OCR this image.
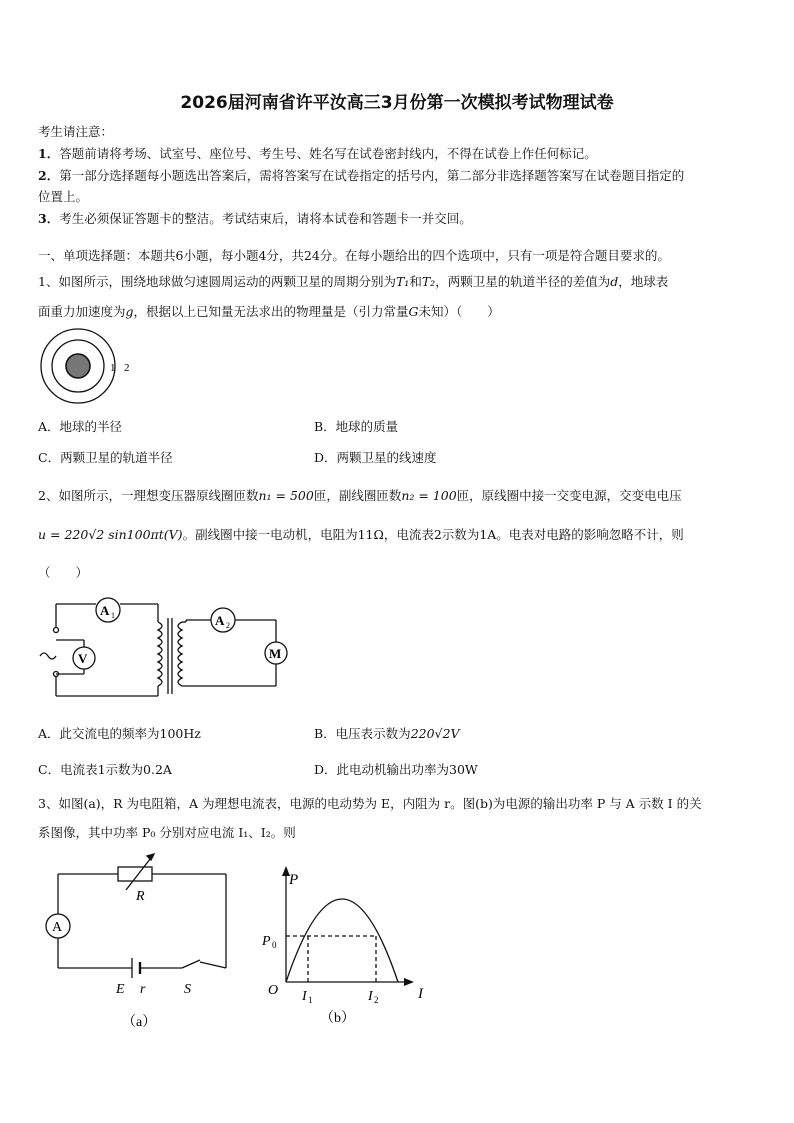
2026届河南省许平汝高三3月份第一次模拟考试物理试卷
考生请注意：
1．答题前请将考场、试室号、座位号、考生号、姓名写在试卷密封线内，不得在试卷上作任何标记。
2．第一部分选择题每小题选出答案后，需将答案写在试卷指定的括号内，第二部分非选择题答案写在试卷题目指定的
位置上。
3．考生必须保证答题卡的整洁。考试结束后，请将本试卷和答题卡一并交回。
一、单项选择题：本题共6小题，每小题4分，共24分。在每小题给出的四个选项中，只有一项是符合题目要求的。
1、如图所示，围绕地球做匀速圆周运动的两颗卫星的周期分别为T₁和T₂，两颗卫星的轨道半径的差值为d，地球表
面重力加速度为g，根据以上已知量无法求出的物理量是（引力常量G未知）（　　）
1 2
A．地球的半径	B．地球的质量
C．两颗卫星的轨道半径	D．两颗卫星的线速度
2、如图所示，一理想变压器原线圈匝数n₁ = 500匝，副线圈匝数n₂ = 100匝，原线圈中接一交变电源，交变电电压
u = 220√2 sin100πt(V)。副线圈中接一电动机，电阻为11Ω，电流表2示数为1A。电表对电路的影响忽略不计，则
（　　）
A 1
V
A 2
M
A．此交流电的频率为100Hz	B．电压表示数为220√2V
C．电流表1示数为0.2A	D．此电动机输出功率为30W
3、如图(a)，R 为电阻箱，A 为理想电流表，电源的电动势为 E，内阻为 r。图(b)为电源的输出功率 P 与 A 示数 I 的关
系图像，其中功率 P₀ 分别对应电流 I₁、I₂。则
A
R
E r	S
（a）
P
P 0
O I 1	I 2	I
（b）
